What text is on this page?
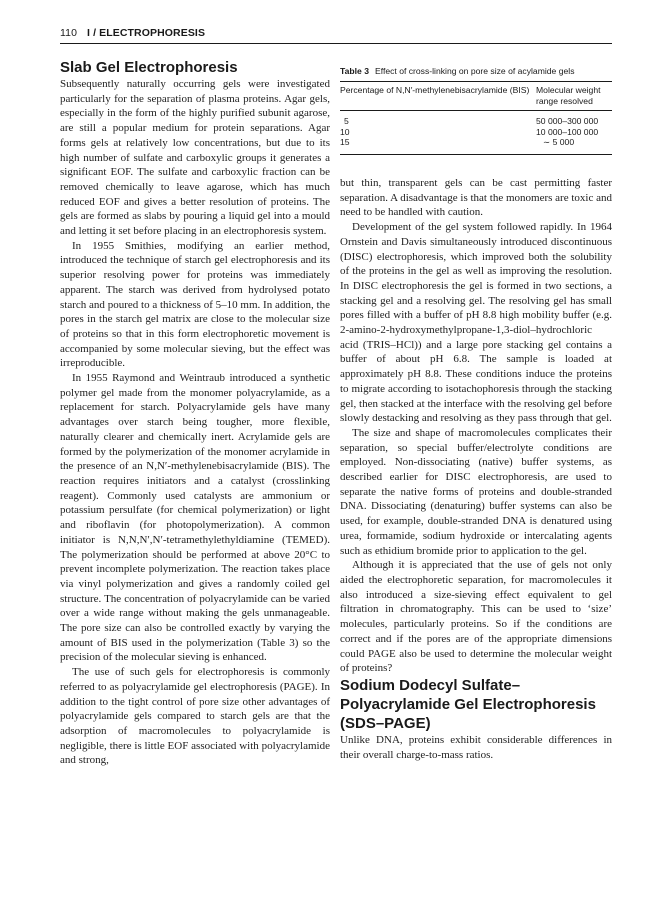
110 I / ELECTROPHORESIS
Slab Gel Electrophoresis

Subsequently naturally occurring gels were investigated particularly for the separation of plasma proteins. Agar gels, especially in the form of the highly purified subunit agarose, are still a popular medium for protein separations. Agar forms gels at relatively low concentrations, but due to its high number of sulfate and carboxylic groups it generates a significant EOF. The sulfate and carboxylic fraction can be removed chemically to leave agarose, which has much reduced EOF and gives a better resolution of proteins. The gels are formed as slabs by pouring a liquid gel into a mould and letting it set before placing in an electrophoresis system.

In 1955 Smithies, modifying an earlier method, introduced the technique of starch gel electrophoresis and its superior resolving power for proteins was immediately apparent. The starch was derived from hydrolysed potato starch and poured to a thickness of 5–10 mm. In addition, the pores in the starch gel matrix are close to the molecular size of proteins so that in this form electrophoretic movement is accompanied by some molecular sieving, but the effect was irreproducible.

In 1955 Raymond and Weintraub introduced a synthetic polymer gel made from the monomer polyacrylamide, as a replacement for starch. Polyacrylamide gels have many advantages over starch being tougher, more flexible, naturally clearer and chemically inert. Acrylamide gels are formed by the polymerization of the monomer acrylamide in the presence of an N,N′-methylenebisacrylamide (BIS). The reaction requires initiators and a catalyst (crosslinking reagent). Commonly used catalysts are ammonium or potassium persulfate (for chemical polymerization) or light and riboflavin (for photopolymerization). A common initiator is N,N,N′,N′-tetramethylethyldiamine (TEMED). The polymerization should be performed at above 20°C to prevent incomplete polymerization. The reaction takes place via vinyl polymerization and gives a randomly coiled gel structure. The concentration of polyacrylamide can be varied over a wide range without making the gels unmanageable. The pore size can also be controlled exactly by varying the amount of BIS used in the polymerization (Table 3) so the precision of the molecular sieving is enhanced.

The use of such gels for electrophoresis is commonly referred to as polyacrylamide gel electrophoresis (PAGE). In addition to the tight control of pore size other advantages of polyacrylamide gels compared to starch gels are that the adsorption of macromolecules to polyacrylamide is negligible, there is little EOF associated with polyacrylamide and strong,

Table 3 Effect of cross-linking on pore size of acylamide gels

Percentage of N,N′-methylenebisacrylamide (BIS)	Molecular weight range resolved
5	50 000–300 000
10	10 000–100 000
15	∼ 5 000

but thin, transparent gels can be cast permitting faster separation. A disadvantage is that the monomers are toxic and need to be handled with caution.

Development of the gel system followed rapidly. In 1964 Ornstein and Davis simultaneously introduced discontinuous (DISC) electrophoresis, which improved both the solubility of the proteins in the gel as well as improving the resolution. In DISC electrophoresis the gel is formed in two sections, a stacking gel and a resolving gel. The resolving gel has small pores filled with a buffer of pH 8.8 high mobility buffer (e.g. 2-amino-2-hydroxymethylpropane-1,3-diol–hydrochloric acid (TRIS–HCl)) and a large pore stacking gel contains a buffer of about pH 6.8. The sample is loaded at approximately pH 8.8. These conditions induce the proteins to migrate according to isotachophoresis through the stacking gel, then stacked at the interface with the resolving gel before slowly destacking and resolving as they pass through that gel.

The size and shape of macromolecules complicates their separation, so special buffer/electrolyte conditions are employed. Non-dissociating (native) buffer systems, as described earlier for DISC electrophoresis, are used to separate the native forms of proteins and double-stranded DNA. Dissociating (denaturing) buffer systems can also be used, for example, double-stranded DNA is denatured using urea, formamide, sodium hydroxide or intercalating agents such as ethidium bromide prior to application to the gel.

Although it is appreciated that the use of gels not only aided the electrophoretic separation, for macromolecules it also introduced a size-sieving effect equivalent to gel filtration in chromatography. This can be used to ‘size’ molecules, particularly proteins. So if the conditions are correct and if the pores are of the appropriate dimensions could PAGE also be used to determine the molecular weight of proteins?

Sodium Dodecyl Sulfate–Polyacrylamide Gel Electrophoresis (SDS–PAGE)

Unlike DNA, proteins exhibit considerable differences in their overall charge-to-mass ratios.
